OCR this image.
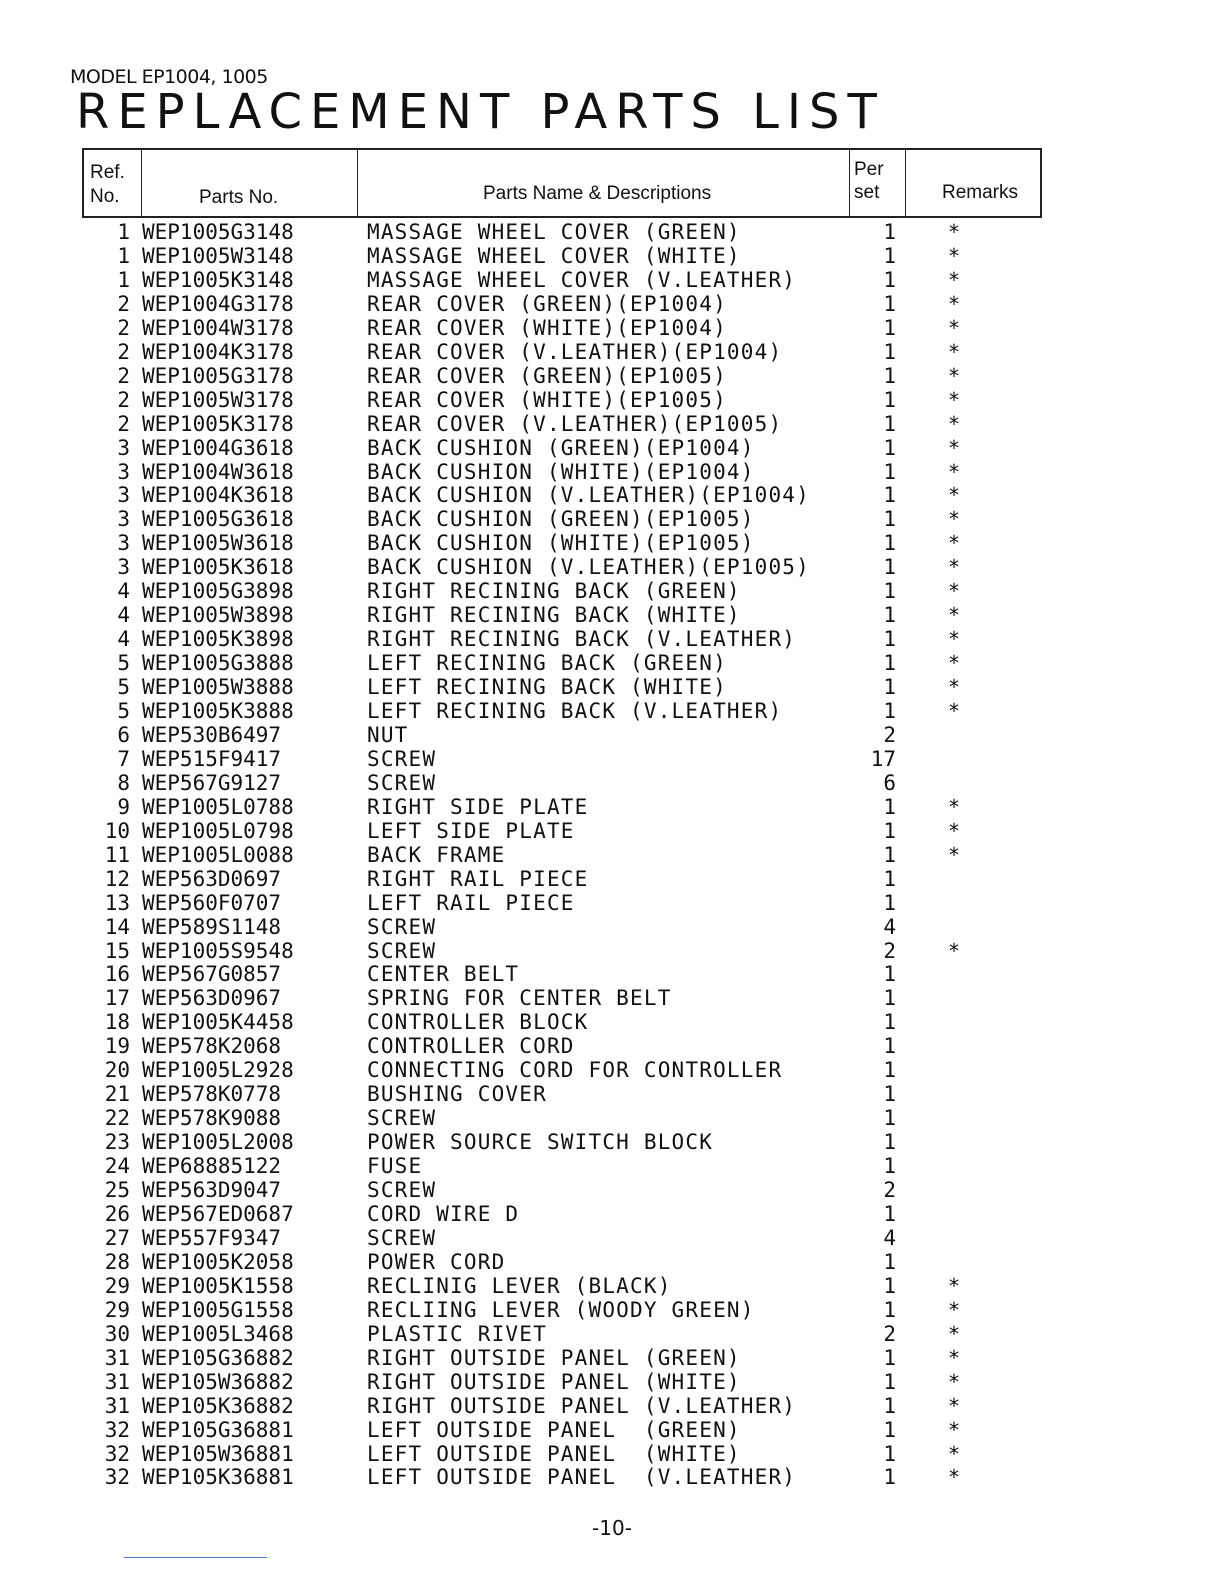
MODEL EP1004, 1005
REPLACEMENT PARTS LIST
Ref.
No.	Parts No.	Parts Name & Descriptions
Per
set	Remarks
1 WEP1005G3148	MASSAGE WHEEL COVER (GREEN)	1	*
1 WEP1005W3148	MASSAGE WHEEL COVER (WHITE)	1	*
1 WEP1005K3148	MASSAGE WHEEL COVER (V.LEATHER)	1	*
2 WEP1004G3178	REAR COVER (GREEN)(EP1004)	1	*
2 WEP1004W3178	REAR COVER (WHITE)(EP1004)	1	*
2 WEP1004K3178	REAR COVER (V.LEATHER)(EP1004)	1	*
2 WEP1005G3178	REAR COVER (GREEN)(EP1005)	1	*
2 WEP1005W3178	REAR COVER (WHITE)(EP1005)	1	*
2 WEP1005K3178	REAR COVER (V.LEATHER)(EP1005)	1	*
3 WEP1004G3618	BACK CUSHION (GREEN)(EP1004)	1	*
3 WEP1004W3618	BACK CUSHION (WHITE)(EP1004)	1	*
3 WEP1004K3618	BACK CUSHION (V.LEATHER)(EP1004)	1	*
3 WEP1005G3618	BACK CUSHION (GREEN)(EP1005)	1	*
3 WEP1005W3618	BACK CUSHION (WHITE)(EP1005)	1	*
3 WEP1005K3618	BACK CUSHION (V.LEATHER)(EP1005)	1	*
4 WEP1005G3898	RIGHT RECINING BACK (GREEN)	1	*
4 WEP1005W3898	RIGHT RECINING BACK (WHITE)	1	*
4 WEP1005K3898	RIGHT RECINING BACK (V.LEATHER)	1	*
5 WEP1005G3888	LEFT RECINING BACK (GREEN)	1	*
5 WEP1005W3888	LEFT RECINING BACK (WHITE)	1	*
5 WEP1005K3888	LEFT RECINING BACK (V.LEATHER)	1	*
6 WEP530B6497	NUT	2
7 WEP515F9417	SCREW	17
8 WEP567G9127	SCREW	6
9 WEP1005L0788	RIGHT SIDE PLATE	1	*
10 WEP1005L0798	LEFT SIDE PLATE	1	*
11 WEP1005L0088	BACK FRAME	1	*
12 WEP563D0697	RIGHT RAIL PIECE	1
13 WEP560F0707	LEFT RAIL PIECE	1
14 WEP589S1148	SCREW	4
15 WEP1005S9548	SCREW	2	*
16 WEP567G0857	CENTER BELT	1
17 WEP563D0967	SPRING FOR CENTER BELT	1
18 WEP1005K4458	CONTROLLER BLOCK	1
19 WEP578K2068	CONTROLLER CORD	1
20 WEP1005L2928	CONNECTING CORD FOR CONTROLLER	1
21 WEP578K0778	BUSHING COVER	1
22 WEP578K9088	SCREW	1
23 WEP1005L2008	POWER SOURCE SWITCH BLOCK	1
24 WEP68885122	FUSE	1
25 WEP563D9047	SCREW	2
26 WEP567ED0687	CORD WIRE D	1
27 WEP557F9347	SCREW	4
28 WEP1005K2058	POWER CORD	1
29 WEP1005K1558	RECLINIG LEVER (BLACK)	1	*
29 WEP1005G1558	RECLIING LEVER (WOODY GREEN)	1	*
30 WEP1005L3468	PLASTIC RIVET	2	*
31 WEP105G36882	RIGHT OUTSIDE PANEL (GREEN)	1	*
31 WEP105W36882	RIGHT OUTSIDE PANEL (WHITE)	1	*
31 WEP105K36882	RIGHT OUTSIDE PANEL (V.LEATHER)	1	*
32 WEP105G36881	LEFT OUTSIDE PANEL  (GREEN)	1	*
32 WEP105W36881	LEFT OUTSIDE PANEL  (WHITE)	1	*
32 WEP105K36881	LEFT OUTSIDE PANEL  (V.LEATHER)	1	*
-10-
